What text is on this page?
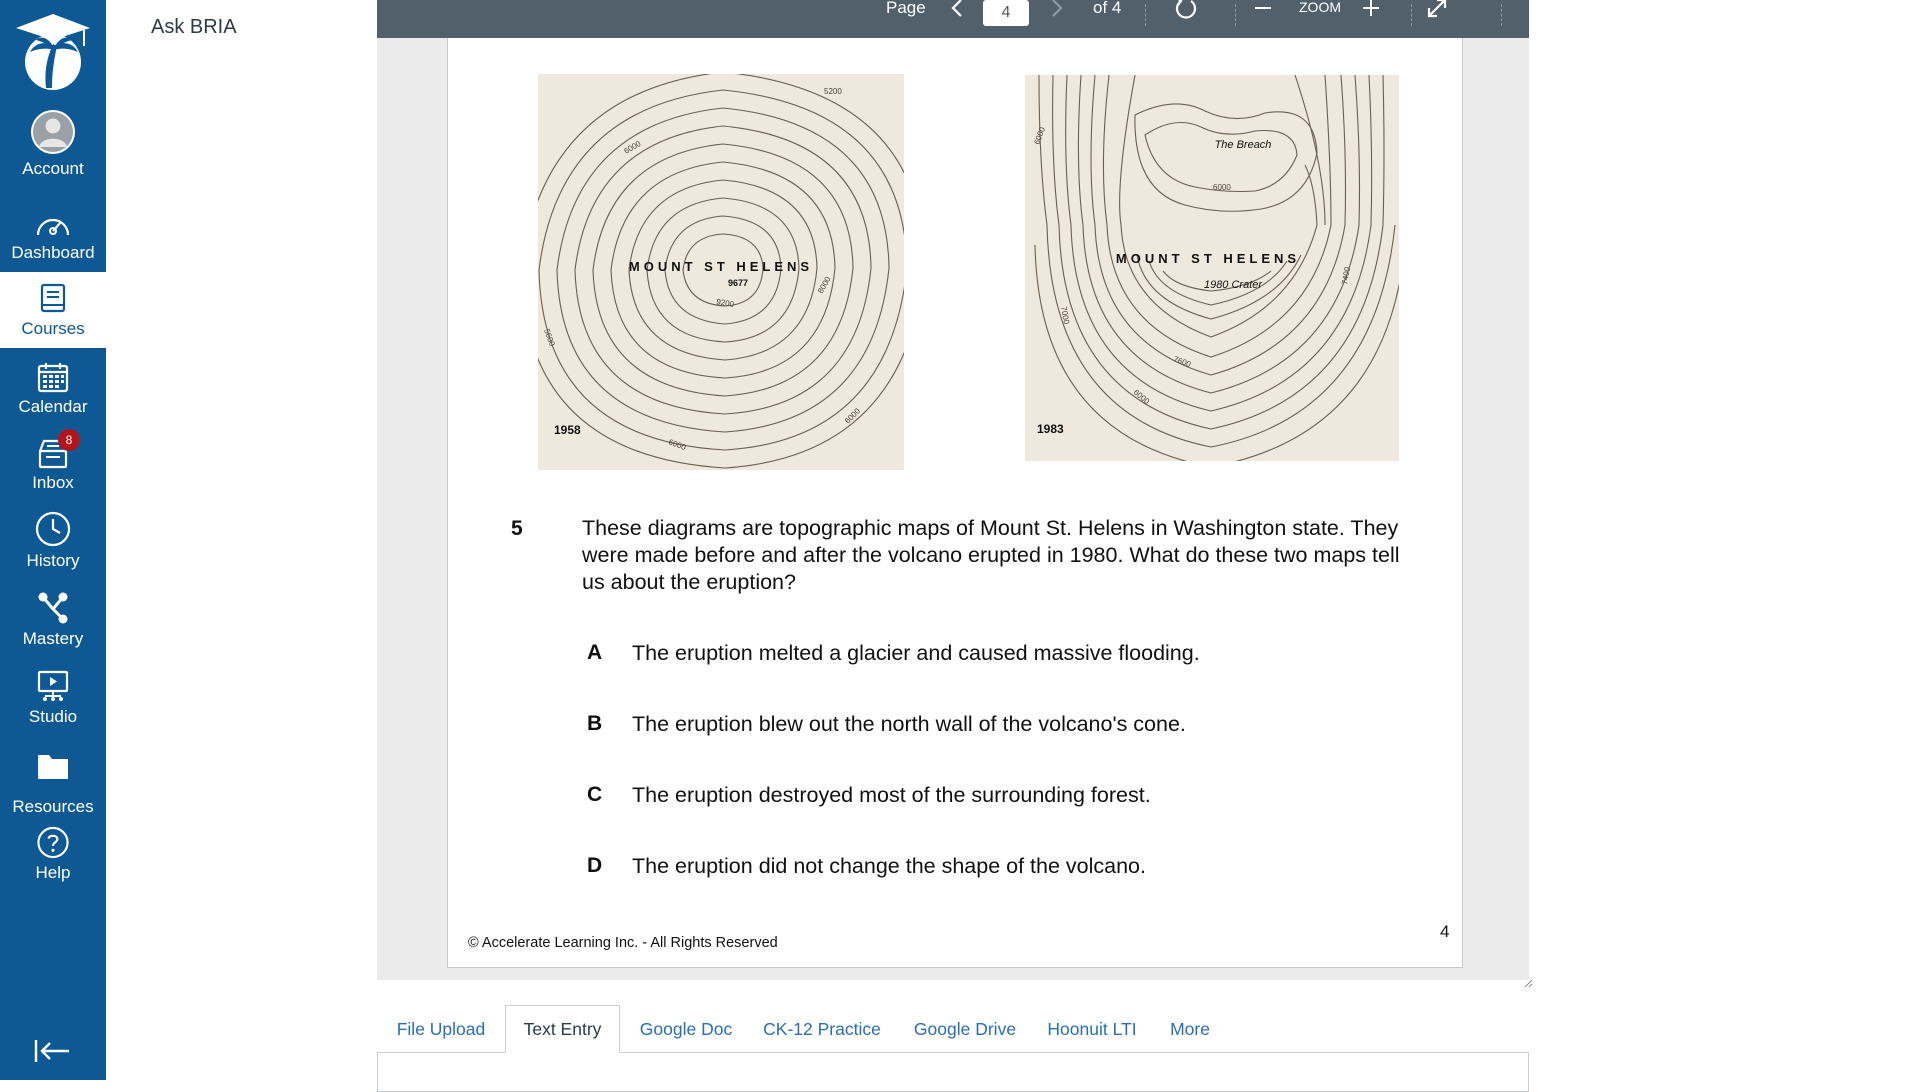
Account
Dashboard
Courses
Calendar
8
Inbox
History
Mastery
Studio
Resources
Help
Ask BRIA
Page
4	of 4	ZOOM
MOUNT ST HELENS
9677
1958
5200
6000
9200
8000
5600
6000
6000
MOUNT ST HELENS
1980 Crater
The Breach
1983
6000
6000
7400
7000
7600
6000
5	These diagrams are topographic maps of Mount St. Helens in Washington state. They were made before and after the volcano erupted in 1980. What do these two maps tell us about the eruption?
A The eruption melted a glacier and caused massive flooding.
B The eruption blew out the north wall of the volcano's cone.
C The eruption destroyed most of the surrounding forest.
D The eruption did not change the shape of the volcano.
© Accelerate Learning Inc. - All Rights Reserved
4
File Upload	Text Entry	Google Doc	CK-12 Practice	Google Drive	Hoonuit LTI	More
